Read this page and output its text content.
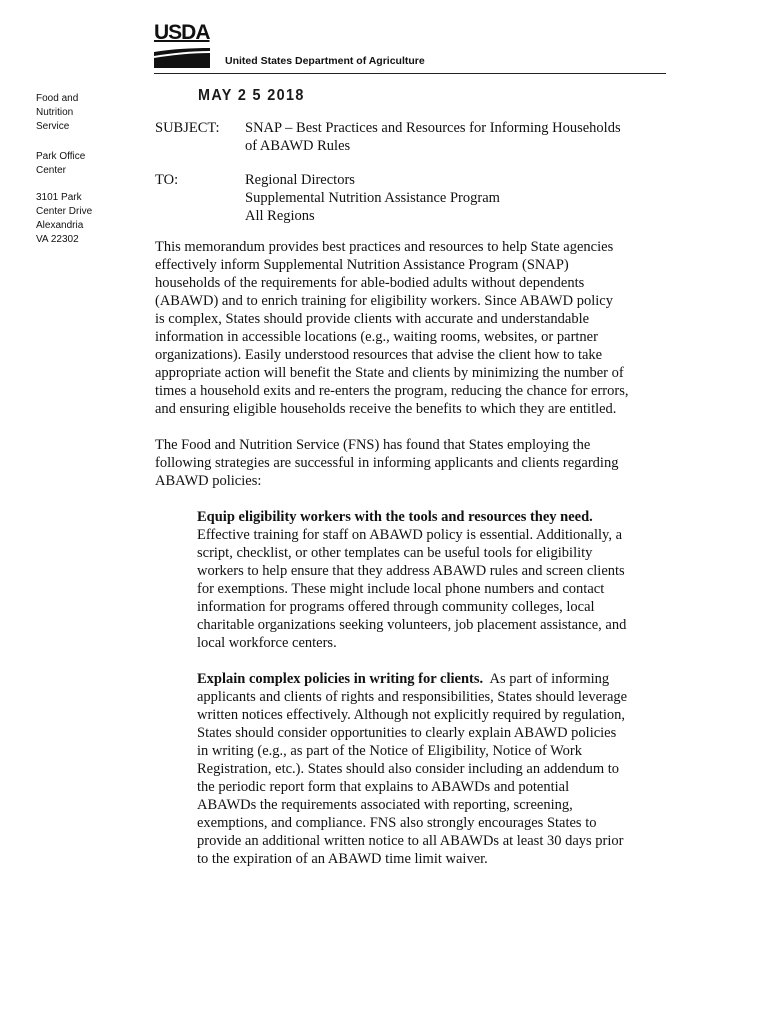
USDA
United States Department of Agriculture
Food and
Nutrition
Service
Park Office
Center
3101 Park
Center Drive
Alexandria
VA 22302
MAY 2 5 2018
SUBJECT: SNAP – Best Practices and Resources for Informing Households
of ABAWD Rules
TO:	Regional Directors
Supplemental Nutrition Assistance Program
All Regions
This memorandum provides best practices and resources to help State agencies
effectively inform Supplemental Nutrition Assistance Program (SNAP)
households of the requirements for able-bodied adults without dependents
(ABAWD) and to enrich training for eligibility workers. Since ABAWD policy
is complex, States should provide clients with accurate and understandable
information in accessible locations (e.g., waiting rooms, websites, or partner
organizations). Easily understood resources that advise the client how to take
appropriate action will benefit the State and clients by minimizing the number of
times a household exits and re-enters the program, reducing the chance for errors,
and ensuring eligible households receive the benefits to which they are entitled.
The Food and Nutrition Service (FNS) has found that States employing the
following strategies are successful in informing applicants and clients regarding
ABAWD policies:
Equip eligibility workers with the tools and resources they need.
Effective training for staff on ABAWD policy is essential. Additionally, a
script, checklist, or other templates can be useful tools for eligibility
workers to help ensure that they address ABAWD rules and screen clients
for exemptions. These might include local phone numbers and contact
information for programs offered through community colleges, local
charitable organizations seeking volunteers, job placement assistance, and
local workforce centers.
Explain complex policies in writing for clients.  As part of informing
applicants and clients of rights and responsibilities, States should leverage
written notices effectively. Although not explicitly required by regulation,
States should consider opportunities to clearly explain ABAWD policies
in writing (e.g., as part of the Notice of Eligibility, Notice of Work
Registration, etc.). States should also consider including an addendum to
the periodic report form that explains to ABAWDs and potential
ABAWDs the requirements associated with reporting, screening,
exemptions, and compliance. FNS also strongly encourages States to
provide an additional written notice to all ABAWDs at least 30 days prior
to the expiration of an ABAWD time limit waiver.
